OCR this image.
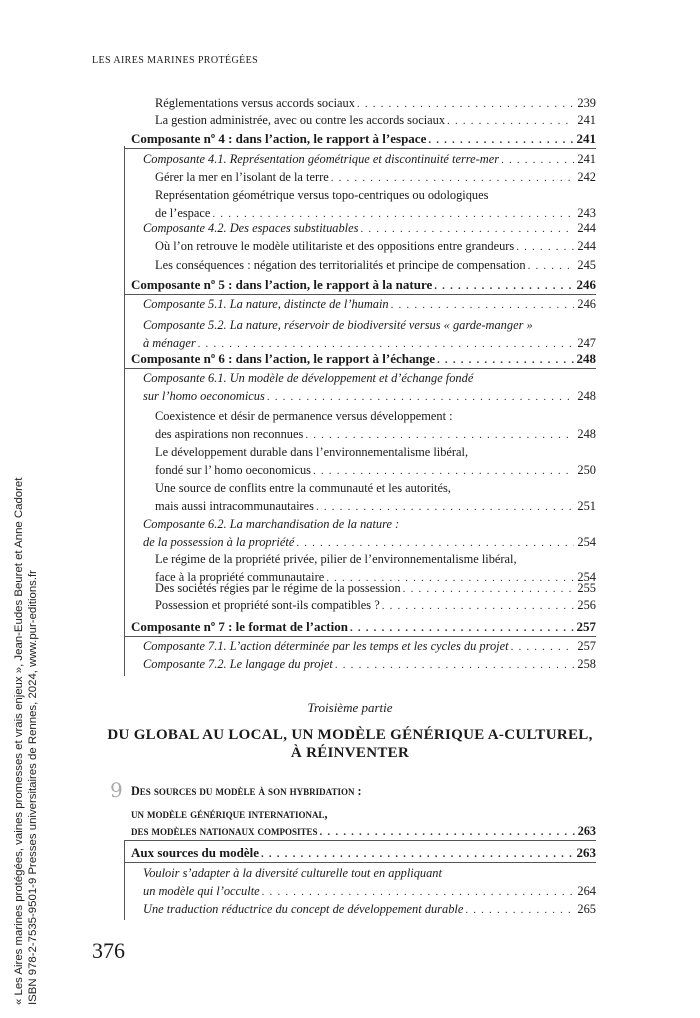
LES AIRES MARINES PROTÉGÉES
Réglementations versus accords sociaux . . .	239
La gestion administrée, avec ou contre les accords sociaux . . .	241
Composante nº 4 : dans l’action, le rapport à l’espace . . .	241
Composante 4.1. Représentation géométrique et discontinuité terre-mer . . .	241
Gérer la mer en l’isolant de la terre . . .	242
Représentation géométrique versus topo-centriques ou odologiques
de l’espace . . .	243
Composante 4.2. Des espaces substituables . . .	244
Où l’on retrouve le modèle utilitariste et des oppositions entre grandeurs . . .	244
Les conséquences : négation des territorialités et principe de compensation . . .	245
Composante nº 5 : dans l’action, le rapport à la nature . . .	246
Composante 5.1. La nature, distincte de l’humain . . .	246
Composante 5.2. La nature, réservoir de biodiversité versus « garde-manger »
à ménager . . .	247
Composante nº 6 : dans l’action, le rapport à l’échange . . .	248
Composante 6.1. Un modèle de développement et d’échange fondé
sur l’homo oeconomicus . . .	248
Coexistence et désir de permanence versus développement :
des aspirations non reconnues . . .	248
Le développement durable dans l’environnementalisme libéral,
fondé sur l’ homo oeconomicus . . .	250
Une source de conflits entre la communauté et les autorités,
mais aussi intracommunautaires . . .	251
Composante 6.2. La marchandisation de la nature :
de la possession à la propriété . . .	254
Le régime de la propriété privée, pilier de l’environnementalisme libéral,
face à la propriété communautaire . . .	254
Des sociétés régies par le régime de la possession . . .	255
Possession et propriété sont-ils compatibles ? . . .	256
Composante nº 7 : le format de l’action . . .	257
Composante 7.1. L’action déterminée par les temps et les cycles du projet . . .	257
Composante 7.2. Le langage du projet . . .	258
Troisième partie
DU GLOBAL AU LOCAL, UN MODÈLE GÉNÉRIQUE A-CULTUREL,
À RÉINVENTER
9 Des sources du modèle à son hybridation :
un modèle générique international,
des modèles nationaux composites . . .	263
Aux sources du modèle . . .	263
Vouloir s’adapter à la diversité culturelle tout en appliquant
un modèle qui l’occulte . . .	264
Une traduction réductrice du concept de développement durable . . .	265
376
« Les Aires marines protégées, vaines promesses et vrais enjeux », Jean-Eudes Beuret et Anne Cadoret ISBN 978-2-7535-9501-9 Presses universitaires de Rennes, 2024, www.pur-editions.fr
